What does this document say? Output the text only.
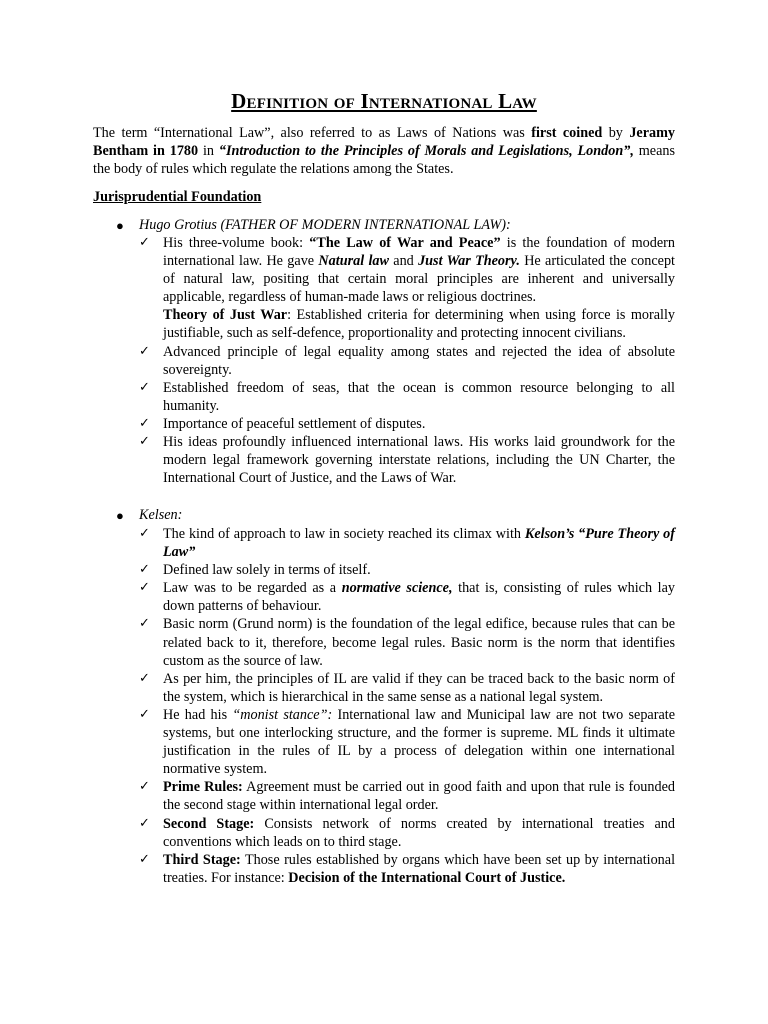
Definition of International Law

The term “International Law”, also referred to as Laws of Nations was first coined by Jeramy Bentham in 1780 in “Introduction to the Principles of Morals and Legislations, London”, means the body of rules which regulate the relations among the States.

Jurisprudential Foundation

● Hugo Grotius (FATHER OF MODERN INTERNATIONAL LAW):

✓ His three-volume book: “The Law of War and Peace” is the foundation of modern international law. He gave Natural law and Just War Theory. He articulated the concept of natural law, positing that certain moral principles are inherent and universally applicable, regardless of human-made laws or religious doctrines.
Theory of Just War: Established criteria for determining when using force is morally justifiable, such as self-defence, proportionality and protecting innocent civilians.

✓ Advanced principle of legal equality among states and rejected the idea of absolute sovereignty.

✓ Established freedom of seas, that the ocean is common resource belonging to all humanity.

✓ Importance of peaceful settlement of disputes.

✓ His ideas profoundly influenced international laws. His works laid groundwork for the modern legal framework governing interstate relations, including the UN Charter, the International Court of Justice, and the Laws of War.

● Kelsen:

✓ The kind of approach to law in society reached its climax with Kelson’s “Pure Theory of Law”

✓ Defined law solely in terms of itself.

✓ Law was to be regarded as a normative science, that is, consisting of rules which lay down patterns of behaviour.

✓ Basic norm (Grund norm) is the foundation of the legal edifice, because rules that can be related back to it, therefore, become legal rules. Basic norm is the norm that identifies custom as the source of law.

✓ As per him, the principles of IL are valid if they can be traced back to the basic norm of the system, which is hierarchical in the same sense as a national legal system.

✓ He had his “monist stance”: International law and Municipal law are not two separate systems, but one interlocking structure, and the former is supreme. ML finds it ultimate justification in the rules of IL by a process of delegation within one international normative system.

✓ Prime Rules: Agreement must be carried out in good faith and upon that rule is founded the second stage within international legal order.

✓ Second Stage: Consists network of norms created by international treaties and conventions which leads on to third stage.

✓ Third Stage: Those rules established by organs which have been set up by international treaties. For instance: Decision of the International Court of Justice.
